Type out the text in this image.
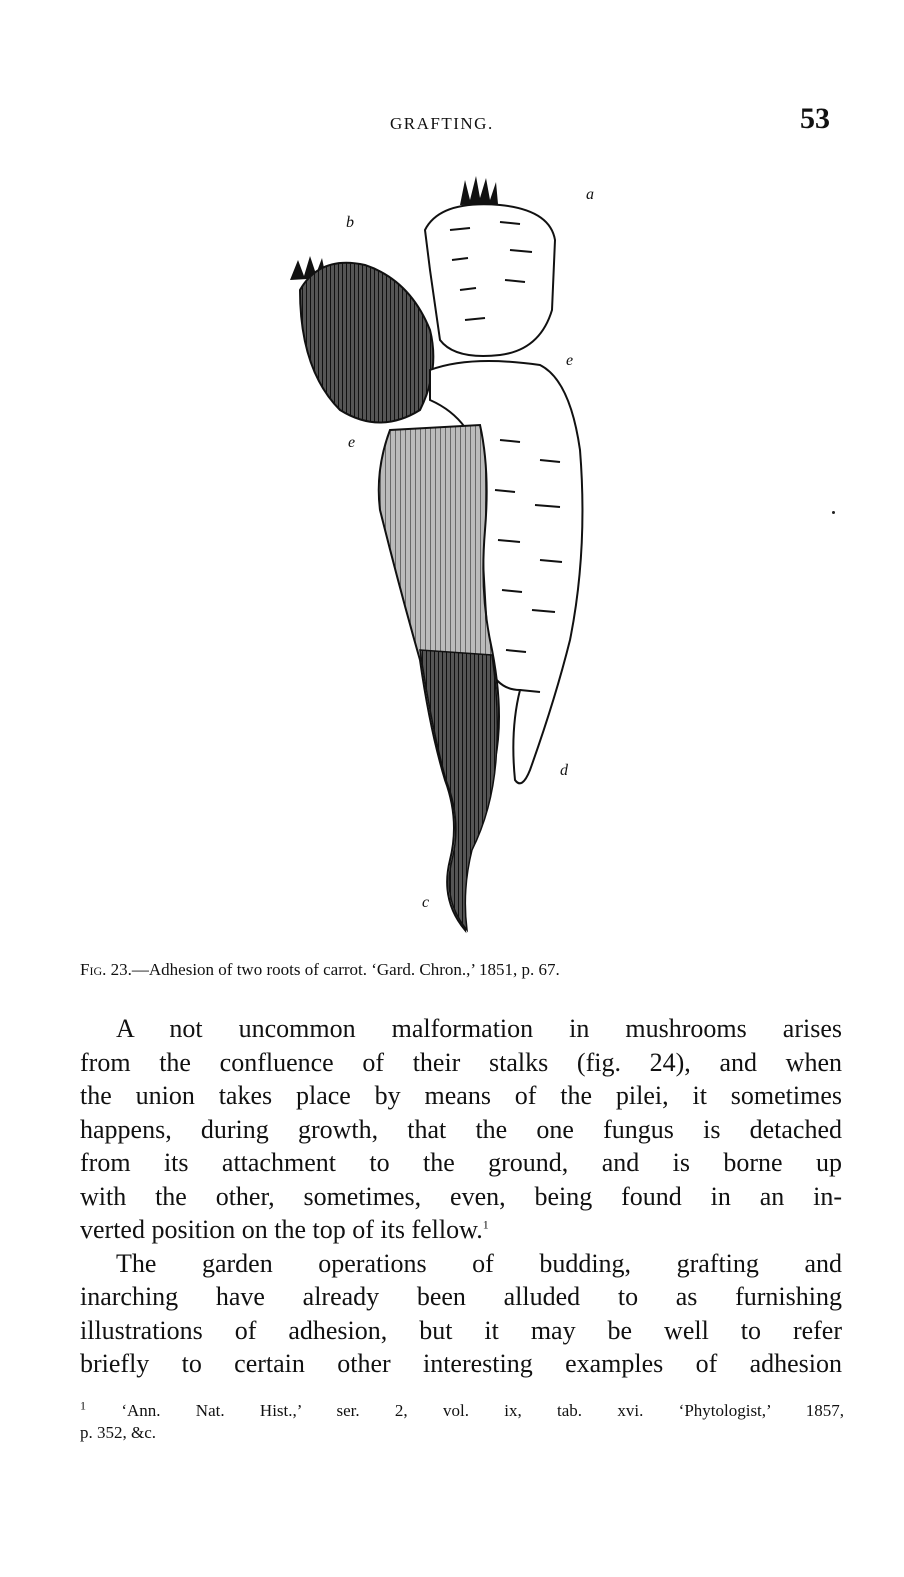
GRAFTING.	53
a
b
e
e
d
c
Fig. 23.—Adhesion of two roots of carrot. ‘Gard. Chron.,’ 1851, p. 67.
A not uncommon malformation in mushrooms arises
from the confluence of their stalks (fig. 24), and when
the union takes place by means of the pilei, it sometimes
happens, during growth, that the one fungus is detached
from its attachment to the ground, and is borne up
with the other, sometimes, even, being found in an in-
verted position on the top of its fellow.$^1$
The garden operations of budding, grafting and
inarching have already been alluded to as furnishing
illustrations of adhesion, but it may be well to refer
briefly to certain other interesting examples of adhesion
$^1$ ‘Ann. Nat. Hist.,’ ser. 2, vol. ix, tab. xvi. ‘Phytologist,’ 1857,
p. 352, &c.
